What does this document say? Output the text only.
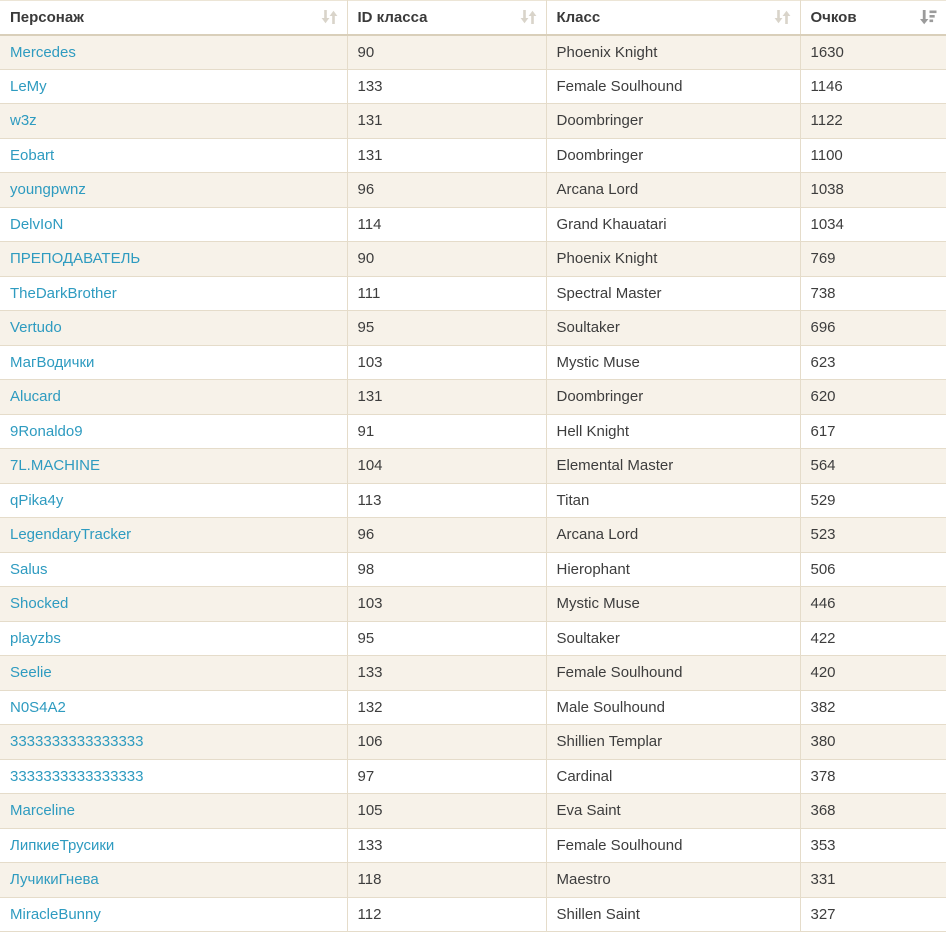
Персонаж	ID класса	Класс	Очков

Mercedes	90	Phoenix Knight	1630
LeMy	133	Female Soulhound	1146
w3z	131	Doombringer	1122
Eobart	131	Doombringer	1100
youngpwnz	96	Arcana Lord	1038
DelvIoN	114	Grand Khauatari	1034
ПРЕПОДАВАТЕЛЬ	90	Phoenix Knight	769
TheDarkBrother	111	Spectral Master	738
Vertudo	95	Soultaker	696
МагВодички	103	Mystic Muse	623
Alucard	131	Doombringer	620
9Ronaldo9	91	Hell Knight	617
7L.MACHINE	104	Elemental Master	564
qPika4y	113	Titan	529
LegendaryTracker	96	Arcana Lord	523
Salus	98	Hierophant	506
Shocked	103	Mystic Muse	446
playzbs	95	Soultaker	422
Seelie	133	Female Soulhound	420
N0S4A2	132	Male Soulhound	382
3333333333333333	106	Shillien Templar	380
3333333333333333	97	Cardinal	378
Marceline	105	Eva Saint	368
ЛипкиеТрусики	133	Female Soulhound	353
ЛучикиГнева	118	Maestro	331
MiracleBunny	112	Shillen Saint	327
